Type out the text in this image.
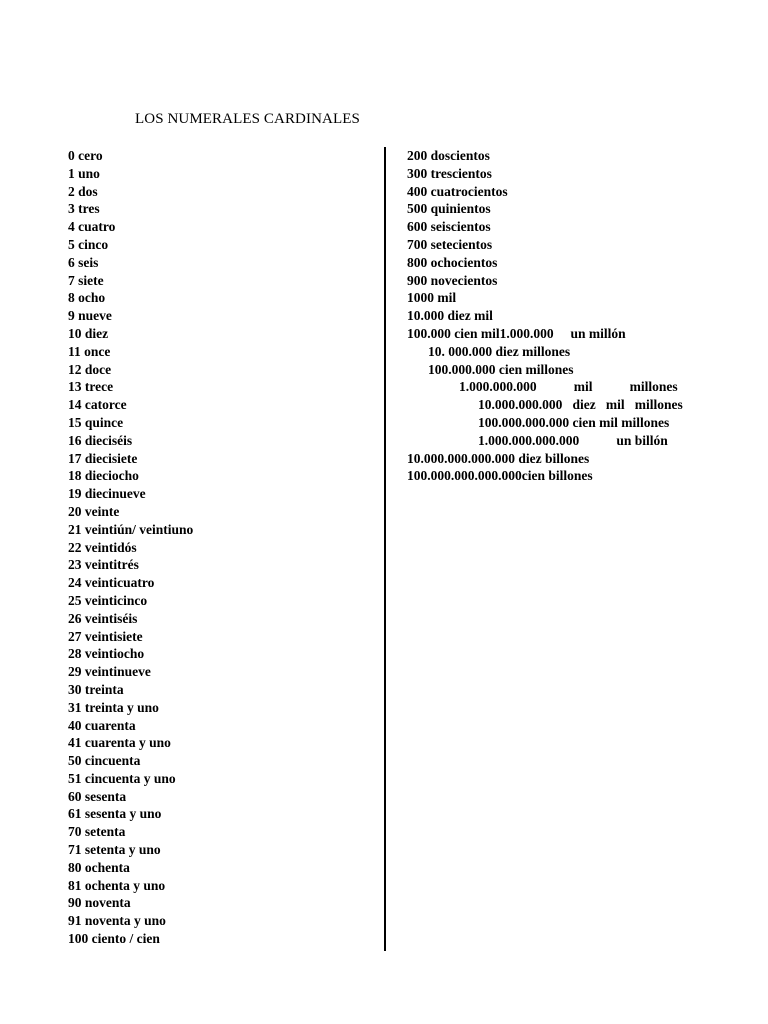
LOS NUMERALES CARDINALES
0 cero
1 uno
2 dos
3 tres
4 cuatro
5 cinco
6 seis
7 siete
8 ocho
9 nueve
10 diez
11 once
12 doce
13 trece
14 catorce
15 quince
16 dieciséis
17 diecisiete
18 dieciocho
19 diecinueve
20 veinte
21 veintiún/ veintiuno
22 veintidós
23 veintitrés
24 veinticuatro
25 veinticinco
26 veintiséis
27 veintisiete
28 veintiocho
29 veintinueve
30 treinta
31 treinta y uno
40 cuarenta
41 cuarenta y uno
50 cincuenta
51 cincuenta y uno
60 sesenta
61 sesenta y uno
70 setenta
71 setenta y uno
80 ochenta
81 ochenta y uno
90 noventa
91 noventa y uno
100 ciento / cien
200 doscientos
300 trescientos
400 cuatrocientos
500 quinientos
600 seiscientos
700 setecientos
800 ochocientos
900 novecientos
1000 mil
10.000 diez mil
100.000 cien mil1.000.000     un millón
10. 000.000 diez millones
100.000.000 cien millones
1.000.000.000           mil           millones
10.000.000.000   diez   mil   millones
100.000.000.000 cien mil millones
1.000.000.000.000           un billón
10.000.000.000.000 diez billones
100.000.000.000.000cien billones
